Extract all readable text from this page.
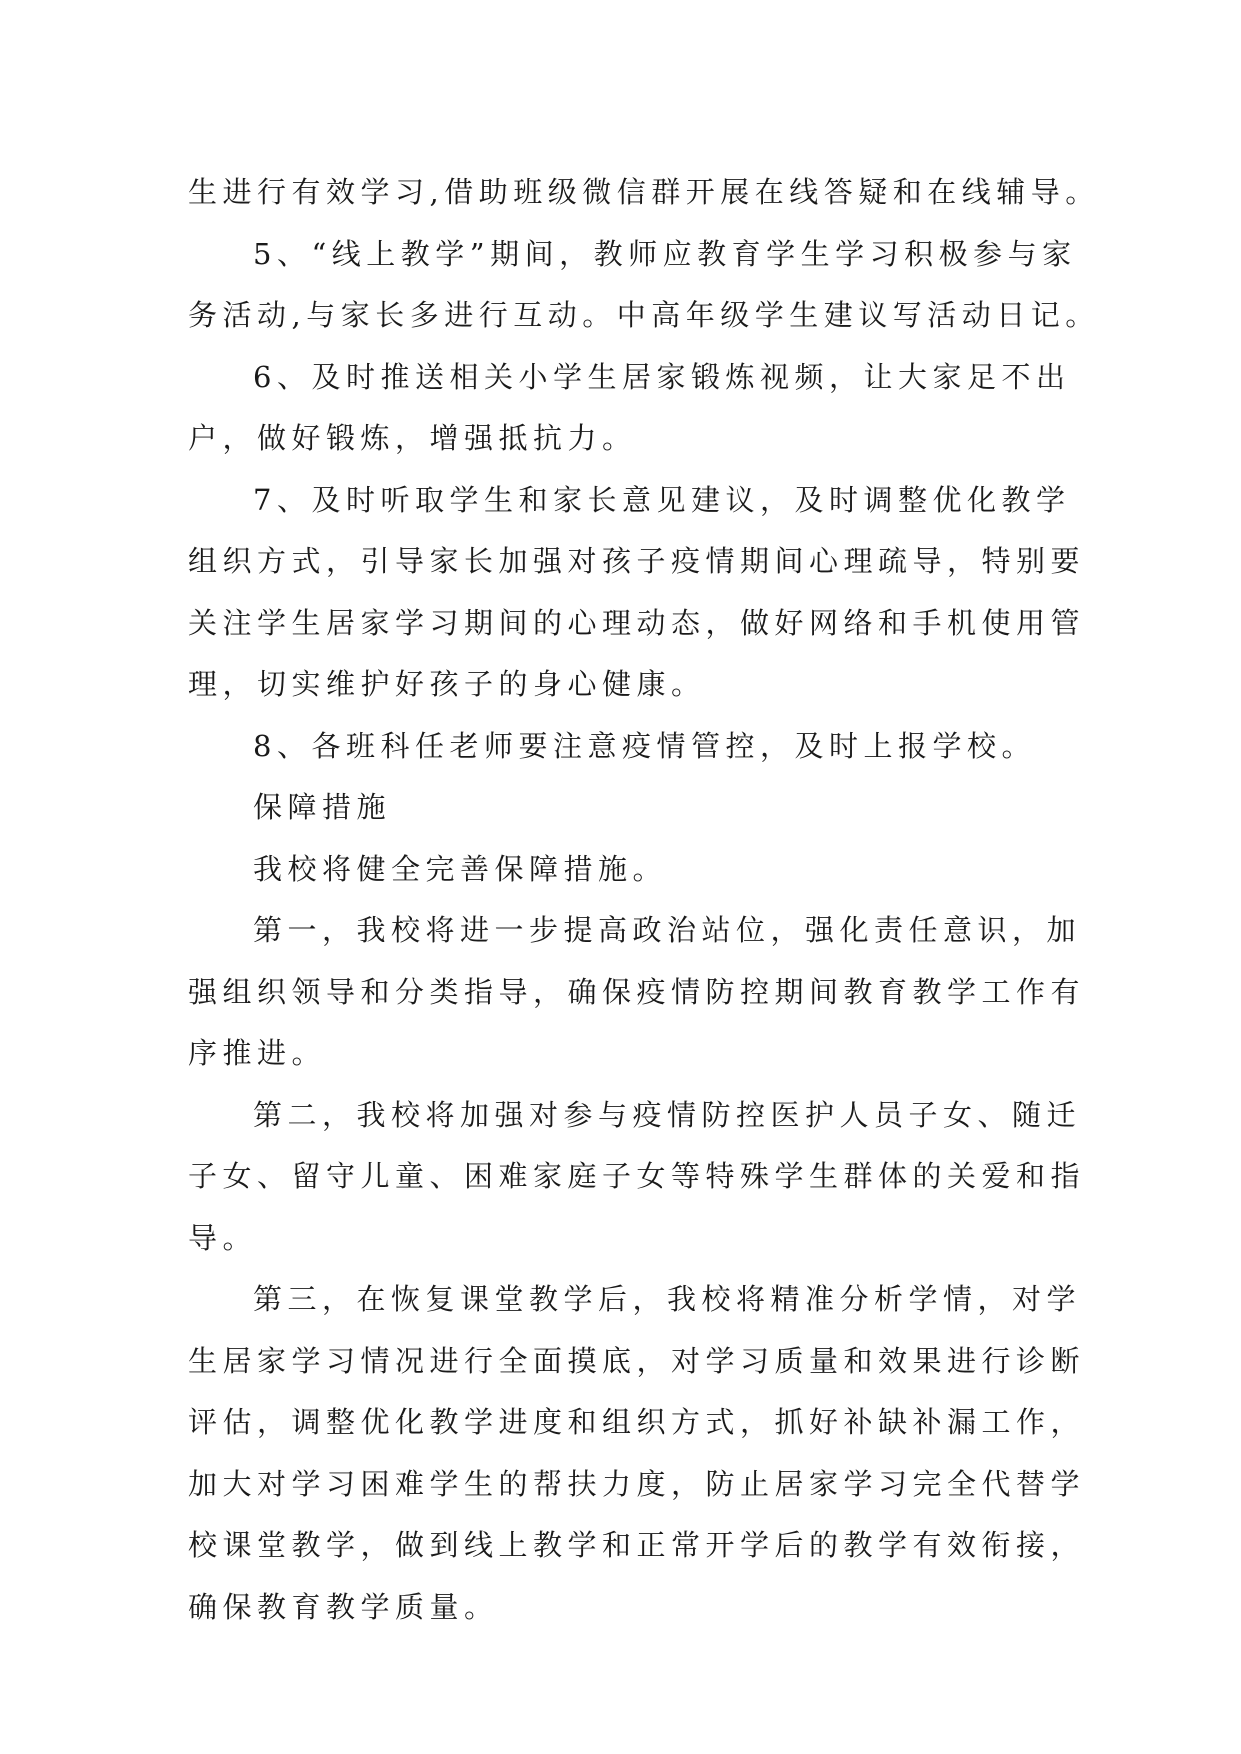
生进行有效学习,借助班级微信群开展在线答疑和在线辅导。
5、“线上教学”期间，教师应教育学生学习积极参与家
务活动,与家长多进行互动。中高年级学生建议写活动日记。
6、及时推送相关小学生居家锻炼视频，让大家足不出
户，做好锻炼，增强抵抗力。
7、及时听取学生和家长意见建议，及时调整优化教学
组织方式，引导家长加强对孩子疫情期间心理疏导，特别要
关注学生居家学习期间的心理动态，做好网络和手机使用管
理，切实维护好孩子的身心健康。
8、各班科任老师要注意疫情管控，及时上报学校。
保障措施
我校将健全完善保障措施。
第一，我校将进一步提高政治站位，强化责任意识，加
强组织领导和分类指导，确保疫情防控期间教育教学工作有
序推进。
第二，我校将加强对参与疫情防控医护人员子女、随迁
子女、留守儿童、困难家庭子女等特殊学生群体的关爱和指
导。
第三，在恢复课堂教学后，我校将精准分析学情，对学
生居家学习情况进行全面摸底，对学习质量和效果进行诊断
评估，调整优化教学进度和组织方式，抓好补缺补漏工作，
加大对学习困难学生的帮扶力度，防止居家学习完全代替学
校课堂教学，做到线上教学和正常开学后的教学有效衔接，
确保教育教学质量。
